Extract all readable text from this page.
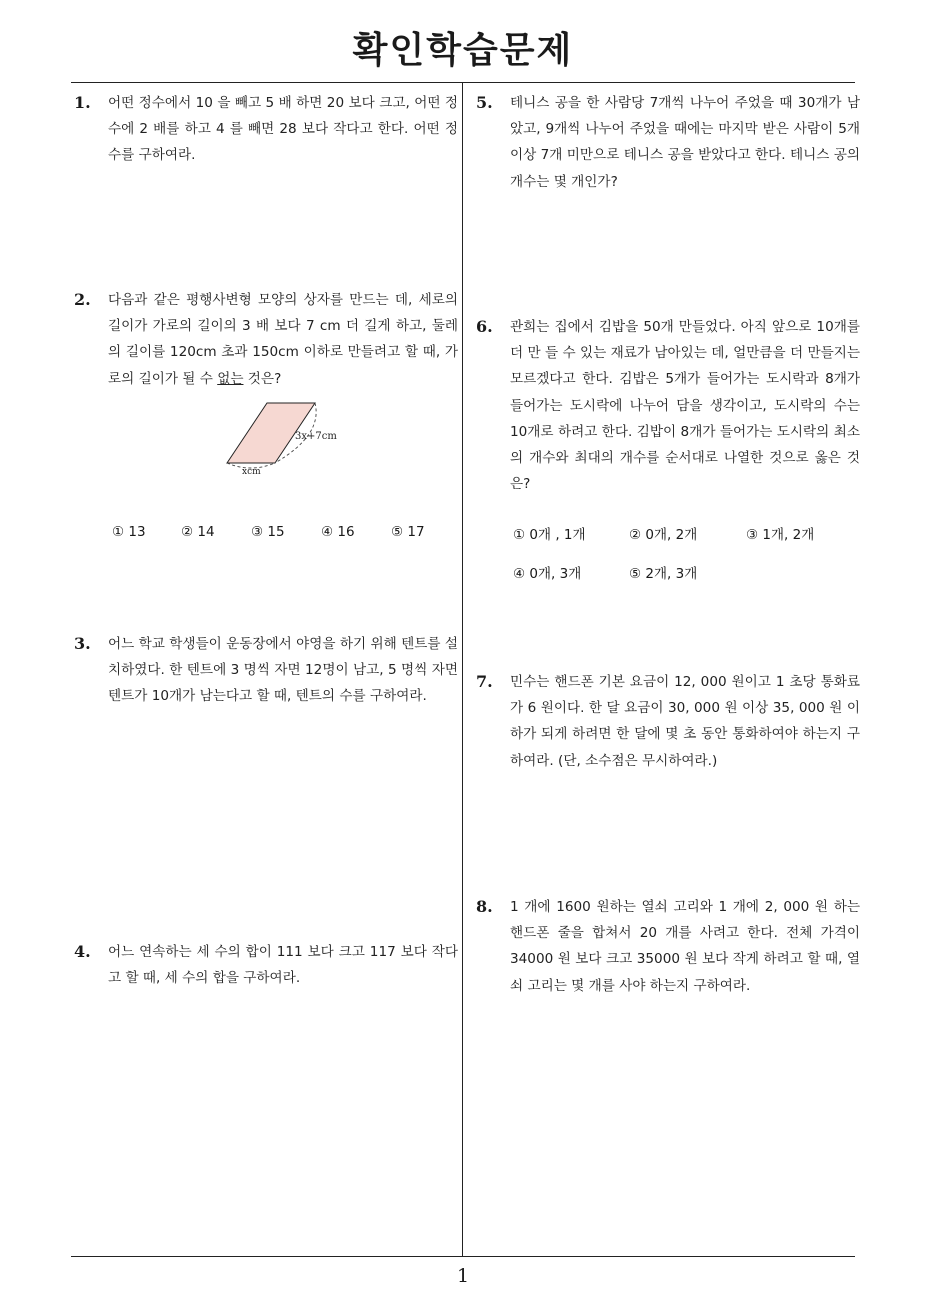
확인학습문제
1. 어떤 정수에서 10 을 빼고 5 배 하면 20 보다 크고, 어떤 정수에 2 배를 하고 4 를 빼면 28 보다 작다고 한다. 어떤 정수를 구하여라.
2. 다음과 같은 평행사변형 모양의 상자를 만드는 데, 세로의 길이가 가로의 길이의 3 배 보다 7 cm 더 길게 하고, 둘레의 길이를 120cm 초과 150cm 이하로 만들려고 할 때, 가로의 길이가 될 수 없는 것은?
3x+7cm
xcm
① 13	② 14	③ 15	④ 16	⑤ 17
3. 어느 학교 학생들이 운동장에서 야영을 하기 위해 텐트를 설치하였다. 한 텐트에 3 명씩 자면 12명이 남고, 5 명씩 자면 텐트가 10개가 남는다고 할 때, 텐트의 수를 구하여라.
4. 어느 연속하는 세 수의 합이 111 보다 크고 117 보다 작다고 할 때, 세 수의 합을 구하여라.
5. 테니스 공을 한 사람당 7개씩 나누어 주었을 때 30개가 남았고, 9개씩 나누어 주었을 때에는 마지막 받은 사람이 5개 이상 7개 미만으로 테니스 공을 받았다고 한다. 테니스 공의 개수는 몇 개인가?
6. 관희는 집에서 김밥을 50개 만들었다. 아직 앞으로 10개를 더 만 들 수 있는 재료가 남아있는 데, 얼만큼을 더 만들지는 모르겠다고 한다. 김밥은 5개가 들어가는 도시락과 8개가 들어가는 도시락에 나누어 담을 생각이고, 도시락의 수는 10개로 하려고 한다. 김밥이 8개가 들어가는 도시락의 최소의 개수와 최대의 개수를 순서대로 나열한 것으로 옳은 것은?
① 0개 , 1개	② 0개, 2개	③ 1개, 2개
④ 0개, 3개	⑤ 2개, 3개
7. 민수는 핸드폰 기본 요금이 12, 000 원이고 1 초당 통화료가 6 원이다. 한 달 요금이 30, 000 원 이상 35, 000 원 이하가 되게 하려면 한 달에 몇 초 동안 통화하여야 하는지 구하여라. (단, 소수점은 무시하여라.)
8. 1 개에 1600 원하는 열쇠 고리와 1 개에 2, 000 원 하는 핸드폰 줄을 합쳐서 20 개를 사려고 한다. 전체 가격이 34000 원 보다 크고 35000 원 보다 작게 하려고 할 때, 열쇠 고리는 몇 개를 사야 하는지 구하여라.
1
